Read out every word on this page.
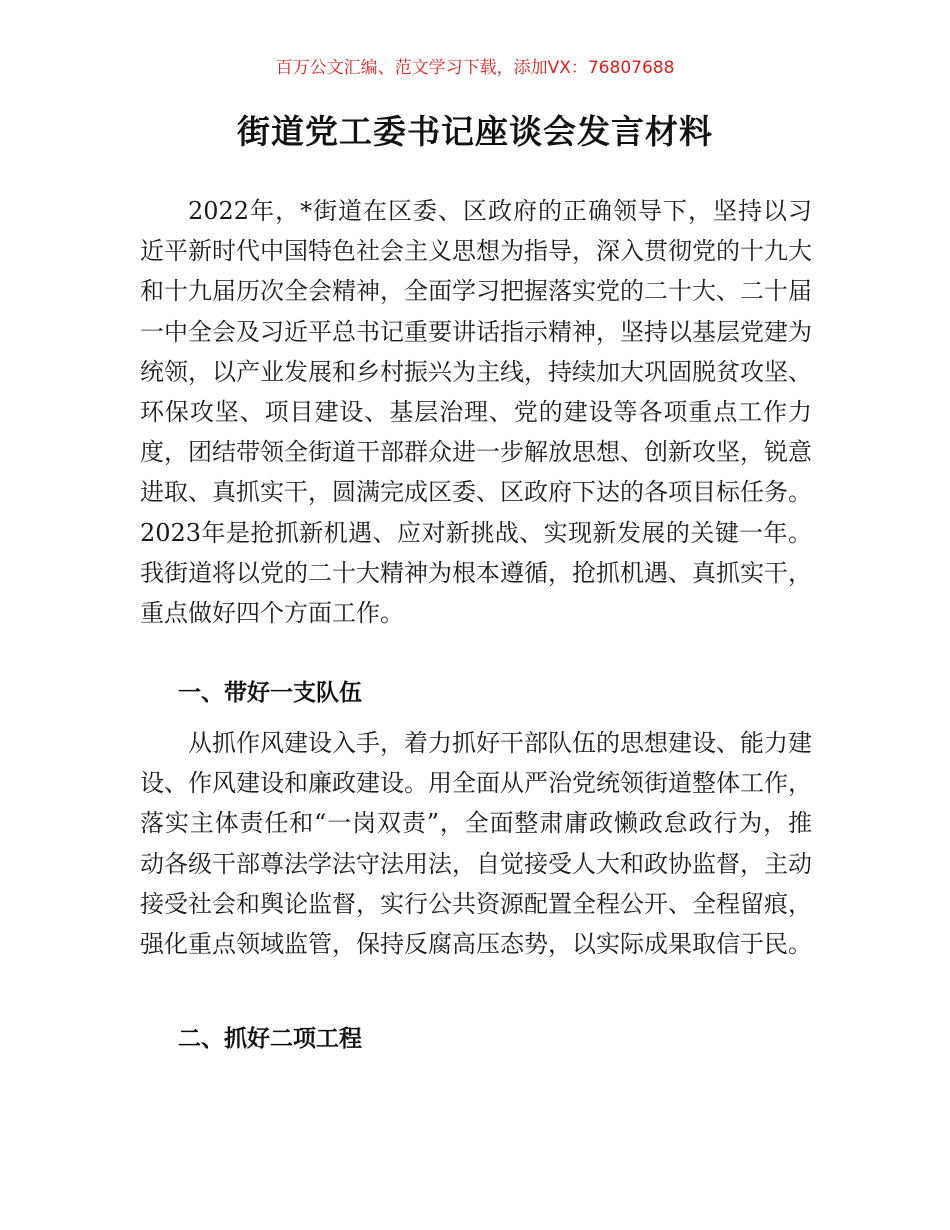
百万公文汇编、范文学习下载，添加VX：76807688
街道党工委书记座谈会发言材料

2022年，*街道在区委、区政府的正确领导下，坚持以习近平新时代中国特色社会主义思想为指导，深入贯彻党的十九大和十九届历次全会精神，全面学习把握落实党的二十大、二十届一中全会及习近平总书记重要讲话指示精神，坚持以基层党建为统领，以产业发展和乡村振兴为主线，持续加大巩固脱贫攻坚、环保攻坚、项目建设、基层治理、党的建设等各项重点工作力度，团结带领全街道干部群众进一步解放思想、创新攻坚，锐意进取、真抓实干，圆满完成区委、区政府下达的各项目标任务。2023年是抢抓新机遇、应对新挑战、实现新发展的关键一年。我街道将以党的二十大精神为根本遵循，抢抓机遇、真抓实干，重点做好四个方面工作。

一、带好一支队伍

从抓作风建设入手，着力抓好干部队伍的思想建设、能力建设、作风建设和廉政建设。用全面从严治党统领街道整体工作，落实主体责任和“一岗双责”，全面整肃庸政懒政怠政行为，推动各级干部尊法学法守法用法，自觉接受人大和政协监督，主动接受社会和舆论监督，实行公共资源配置全程公开、全程留痕，强化重点领域监管，保持反腐高压态势，以实际成果取信于民。

二、抓好二项工程
